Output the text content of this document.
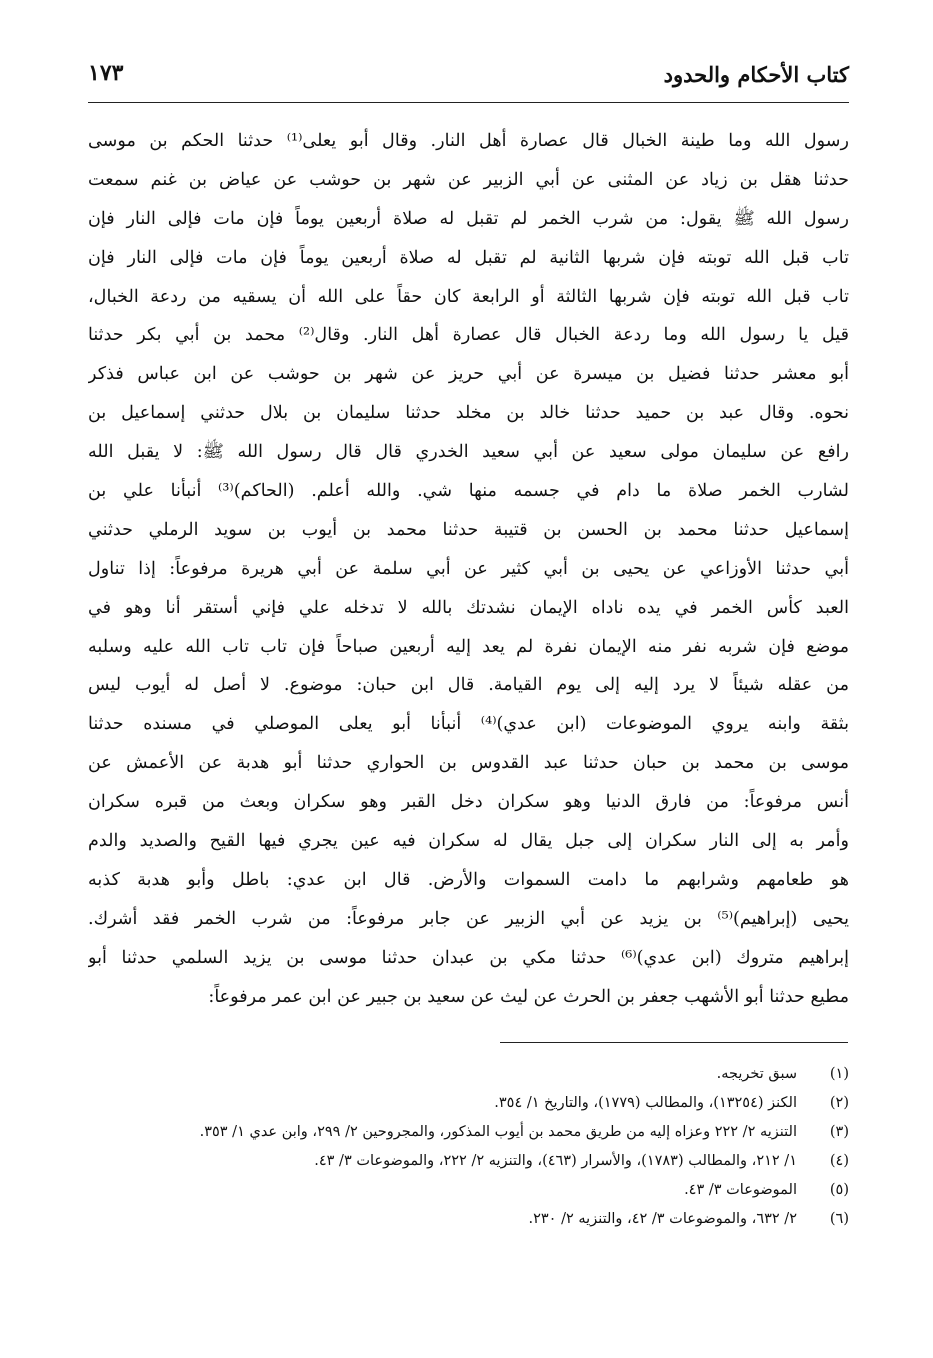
كتاب الأحكام والحدود
١٧٣
رسول الله وما طينة الخبال قال عصارة أهل النار. وقال أبو يعلى⁽¹⁾ حدثنا الحكم بن موسى
حدثنا هقل بن زياد عن المثنى عن أبي الزبير عن شهر بن حوشب عن عياض بن غنم سمعت
رسول الله ﷺ يقول: من شرب الخمر لم تقبل له صلاة أربعين يوماً فإن مات فإلى النار فإن
تاب قبل الله توبته فإن شربها الثانية لم تقبل له صلاة أربعين يوماً فإن مات فإلى النار فإن
تاب قبل الله توبته فإن شربها الثالثة أو الرابعة كان حقاً على الله أن يسقيه من ردعة الخبال،
قيل يا رسول الله وما ردعة الخبال قال عصارة أهل النار. وقال⁽²⁾ محمد بن أبي بكر حدثنا
أبو معشر حدثنا فضيل بن ميسرة عن أبي حريز عن شهر بن حوشب عن ابن عباس فذكر
نحوه. وقال عبد بن حميد حدثنا خالد بن مخلد حدثنا سليمان بن بلال حدثني إسماعيل بن
رافع عن سليمان مولى سعيد عن أبي سعيد الخدري قال قال رسول الله ﷺ: لا يقبل الله
لشارب الخمر صلاة ما دام في جسمه منها شي. والله أعلم. (الحاكم)⁽³⁾ أنبأنا علي بن
إسماعيل حدثنا محمد بن الحسن بن قتيبة حدثنا محمد بن أيوب بن سويد الرملي حدثني
أبي حدثنا الأوزاعي عن يحيى بن أبي كثير عن أبي سلمة عن أبي هريرة مرفوعاً: إذا تناول
العبد كأس الخمر في يده ناداه الإيمان نشدتك بالله لا تدخله علي فإني أستقر أنا وهو في
موضع فإن شربه نفر منه الإيمان نفرة لم يعد إليه أربعين صباحاً فإن تاب تاب الله عليه وسلبه
من عقله شيئاً لا يرد إليه إلى يوم القيامة. قال ابن حبان: موضوع. لا أصل له أيوب ليس
بثقة وابنه يروي الموضوعات (ابن عدي)⁽⁴⁾ أنبأنا أبو يعلى الموصلي في مسنده حدثنا
موسى بن محمد بن حبان حدثنا عبد القدوس بن الحواري حدثنا أبو هدبة عن الأعمش عن
أنس مرفوعاً: من فارق الدنيا وهو سكران دخل القبر وهو سكران وبعث من قبره سكران
وأمر به إلى النار سكران إلى جبل يقال له سكران فيه عين يجري فيها القيح والصديد والدم
هو طعامهم وشرابهم ما دامت السموات والأرض. قال ابن عدي: باطل وأبو هدبة كذبه
يحيى (إبراهيم)⁽⁵⁾ بن يزيد عن أبي الزبير عن جابر مرفوعاً: من شرب الخمر فقد أشرك.
إبراهيم متروك (ابن عدي)⁽⁶⁾ حدثنا مكي بن عبدان حدثنا موسى بن يزيد السلمي حدثنا أبو
مطيع حدثنا أبو الأشهب جعفر بن الحرث عن ليث عن سعيد بن جبير عن ابن عمر مرفوعاً:
(١)
سبق تخريجه.
(٢)
الكنز (١٣٢٥٤)، والمطالب (١٧٧٩)، والتاريخ ١/ ٣٥٤.
(٣)
التنزيه ٢/ ٢٢٢ وعزاه إليه من طريق محمد بن أيوب المذكور، والمجروحين ٢/ ٢٩٩، وابن عدي ١/ ٣٥٣.
(٤)
١/ ٢١٢، والمطالب (١٧٨٣)، والأسرار (٤٦٣)، والتنزيه ٢/ ٢٢٢، والموضوعات ٣/ ٤٣.
(٥)
الموضوعات ٣/ ٤٣.
(٦)
٢/ ٦٣٢، والموضوعات ٣/ ٤٢، والتنزيه ٢/ ٢٣٠.
